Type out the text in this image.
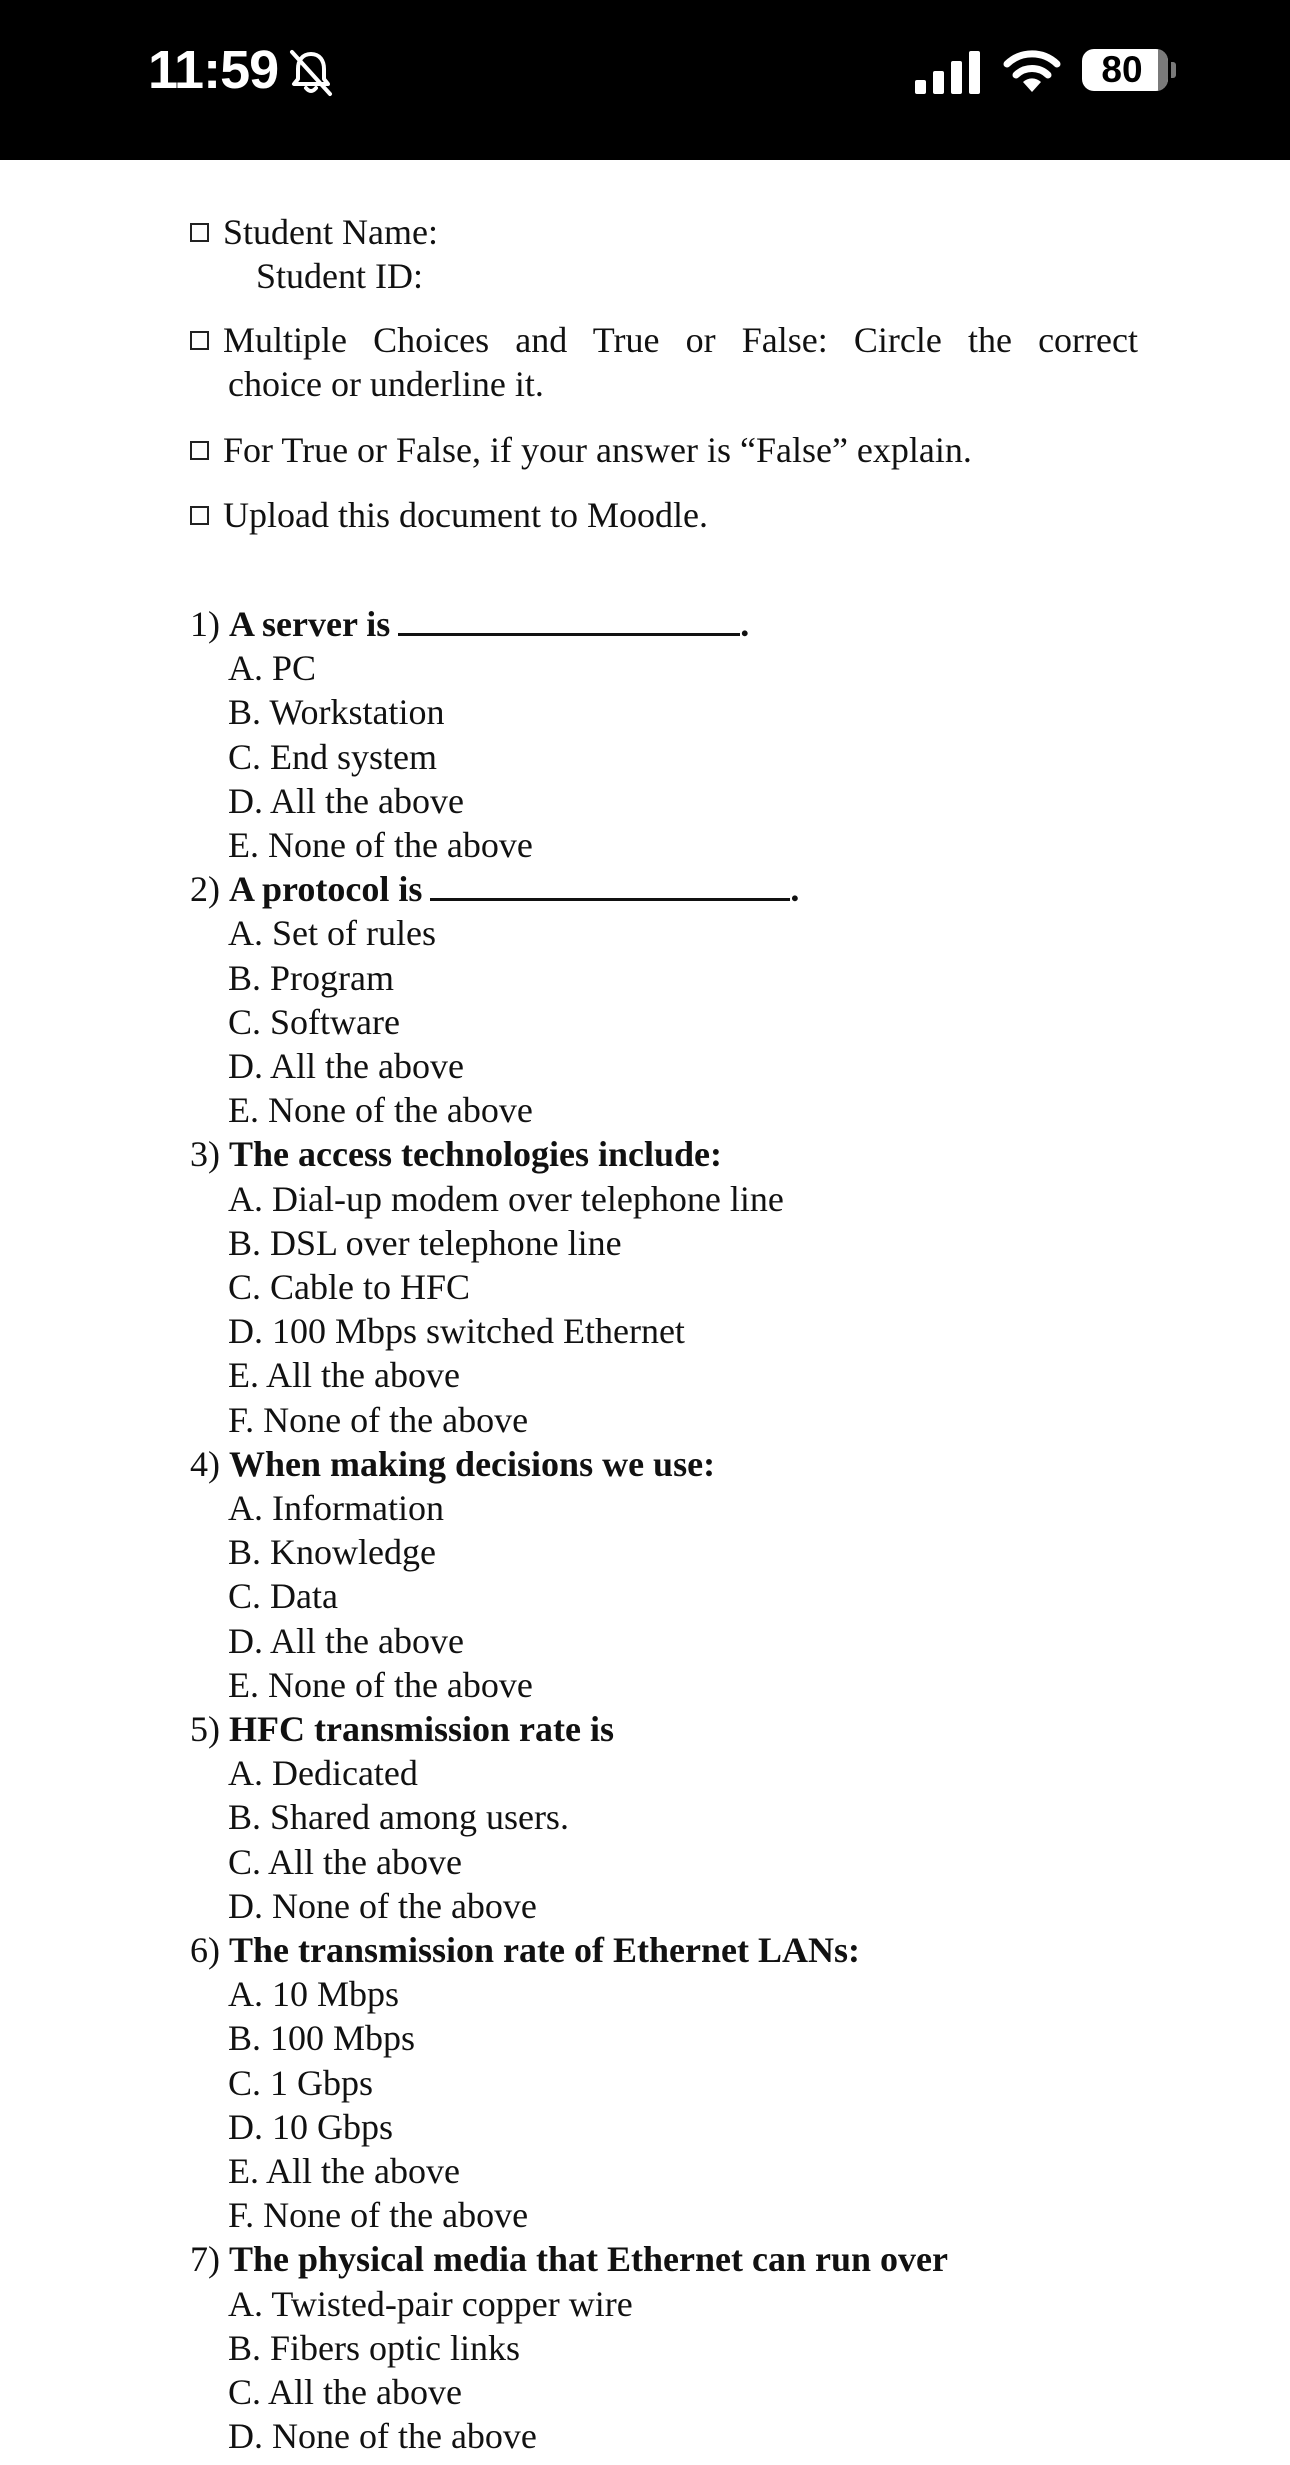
11:59	80
Student Name:
Student ID:
Multiple Choices and True or False: Circle the correct
choice or underline it.
For True or False, if your answer is “False” explain.
Upload this document to Moodle.
1) A server is	.
A. PC
B. Workstation
C. End system
D. All the above
E. None of the above
2) A protocol is	.
A. Set of rules
B. Program
C. Software
D. All the above
E. None of the above
3) The access technologies include:
A. Dial-up modem over telephone line
B. DSL over telephone line
C. Cable to HFC
D. 100 Mbps switched Ethernet
E. All the above
F. None of the above
4) When making decisions we use:
A. Information
B. Knowledge
C. Data
D. All the above
E. None of the above
5) HFC transmission rate is
A. Dedicated
B. Shared among users.
C. All the above
D. None of the above
6) The transmission rate of Ethernet LANs:
A. 10 Mbps
B. 100 Mbps
C. 1 Gbps
D. 10 Gbps
E. All the above
F. None of the above
7) The physical media that Ethernet can run over
A. Twisted-pair copper wire
B. Fibers optic links
C. All the above
D. None of the above
